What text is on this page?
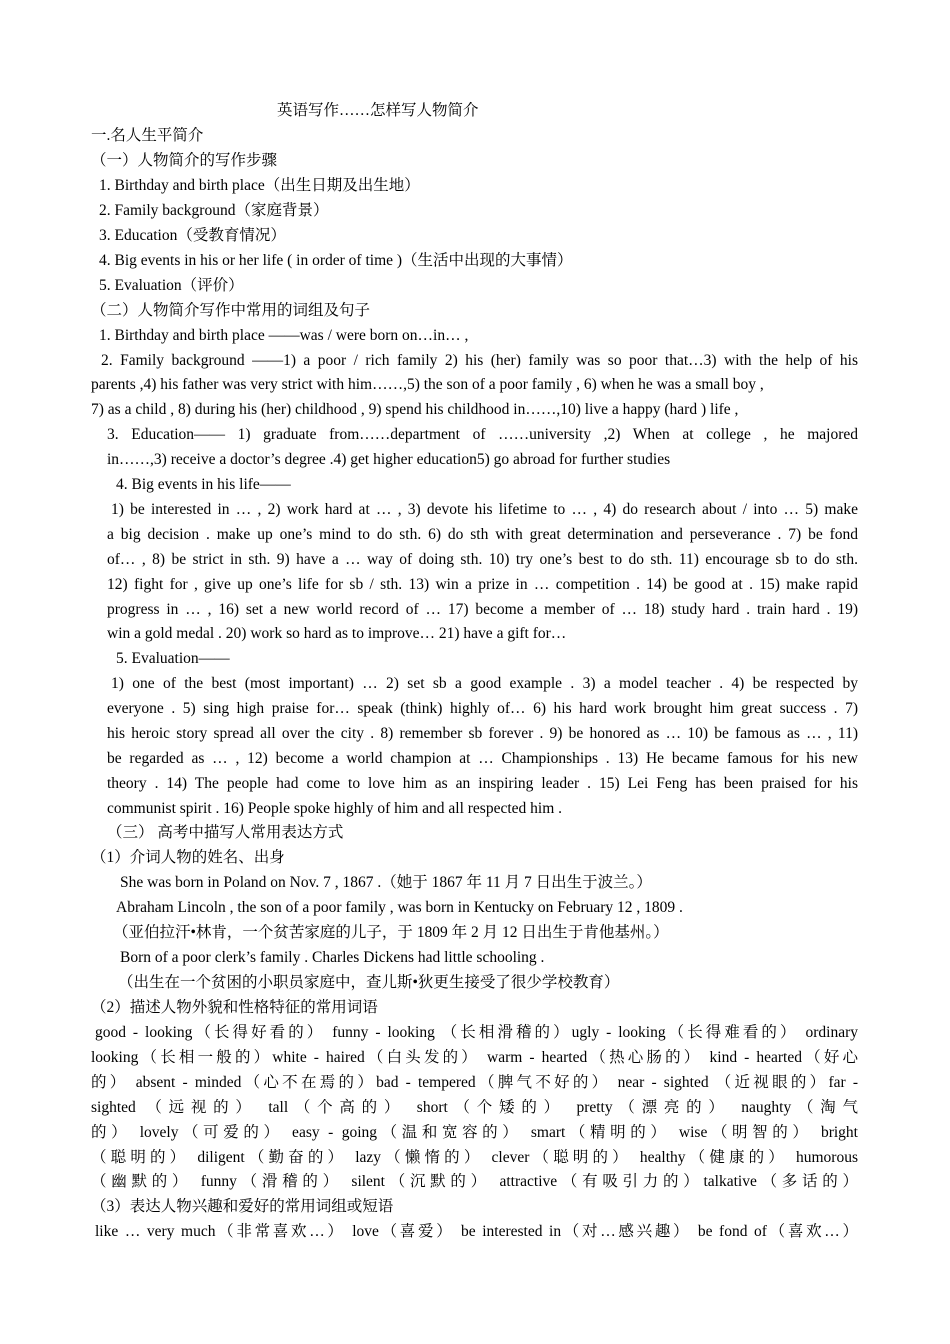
英语写作……怎样写人物简介

一.名人生平简介

（一）人物简介的写作步骤

1. Birthday and birth place（出生日期及出生地）

2. Family background（家庭背景）

3. Education（受教育情况）

4. Big events in his or her life ( in order of time )（生活中出现的大事情）

5. Evaluation（评价）

（二）人物简介写作中常用的词组及句子

1. Birthday and birth place ——was / were born on…in… ,

2. Family background ——1) a poor / rich family 2) his (her) family was so poor that…3) with the help of his

parents ,4) his father was very strict with him……,5) the son of a poor family , 6) when he was a small boy ,

7) as a child , 8) during his (her) childhood , 9) spend his childhood in……,10) live a happy (hard ) life ,

3. Education—— 1) graduate from……department of ……university ,2) When at college , he majored

in……,3) receive a doctor’s degree .4) get higher education5) go abroad for further studies

4. Big events in his life——

1) be interested in … , 2) work hard at … , 3) devote his lifetime to … , 4) do research about / into … 5) make

a big decision . make up one’s mind to do sth. 6) do sth with great determination and perseverance . 7) be fond

of… , 8) be strict in sth. 9) have a … way of doing sth. 10) try one’s best to do sth. 11) encourage sb to do sth.

12) fight for , give up one’s life for sb / sth. 13) win a prize in … competition . 14) be good at . 15) make rapid

progress in … , 16) set a new world record of … 17) become a member of … 18) study hard . train hard . 19)

win a gold medal . 20) work so hard as to improve… 21) have a gift for…

5. Evaluation——

1) one of the best (most important) … 2) set sb a good example . 3) a model teacher . 4) be respected by

everyone . 5) sing high praise for… speak (think) highly of… 6) his hard work brought him great success . 7)

his heroic story spread all over the city . 8) remember sb forever . 9) be honored as … 10) be famous as … , 11)

be regarded as … , 12) become a world champion at … Championships . 13) He became famous for his new

theory . 14) The people had come to love him as an inspiring leader . 15) Lei Feng has been praised for his

communist spirit . 16) People spoke highly of him and all respected him .

（三） 高考中描写人常用表达方式

（1）介词人物的姓名、出身

She was born in Poland on Nov. 7 , 1867 .（她于 1867 年 11 月 7 日出生于波兰。）

Abraham Lincoln , the son of a poor family , was born in Kentucky on February 12 , 1809 .

（亚伯拉汗•林肯，一个贫苦家庭的儿子，于 1809 年 2 月 12 日出生于肯他基州。）

Born of a poor clerk’s family . Charles Dickens had little schooling .

（出生在一个贫困的小职员家庭中，查儿斯•狄更生接受了很少学校教育）

（2）描述人物外貌和性格特征的常用词语

good - looking（长得好看的） funny - looking （长相滑稽的）ugly - looking（长得难看的） ordinary

looking（长相一般的）white - haired（白头发的） warm - hearted（热心肠的） kind - hearted（好心

的） absent - minded（心不在焉的）bad - tempered（脾气不好的） near - sighted （近视眼的）far -

sighted （远视的） tall（个高的） short（个矮的） pretty（漂亮的） naughty（淘气

的） lovely（可爱的） easy - going（温和宽容的） smart（精明的） wise（明智的） bright

（聪明的） diligent（勤奋的） lazy（懒惰的） clever（聪明的） healthy（健康的） humorous

（幽默的） funny（滑稽的） silent（沉默的） attractive（有吸引力的）talkative（多话的）

（3）表达人物兴趣和爱好的常用词组或短语

like … very much（非常喜欢…） love（喜爱） be interested in（对…感兴趣） be fond of（喜欢…）
